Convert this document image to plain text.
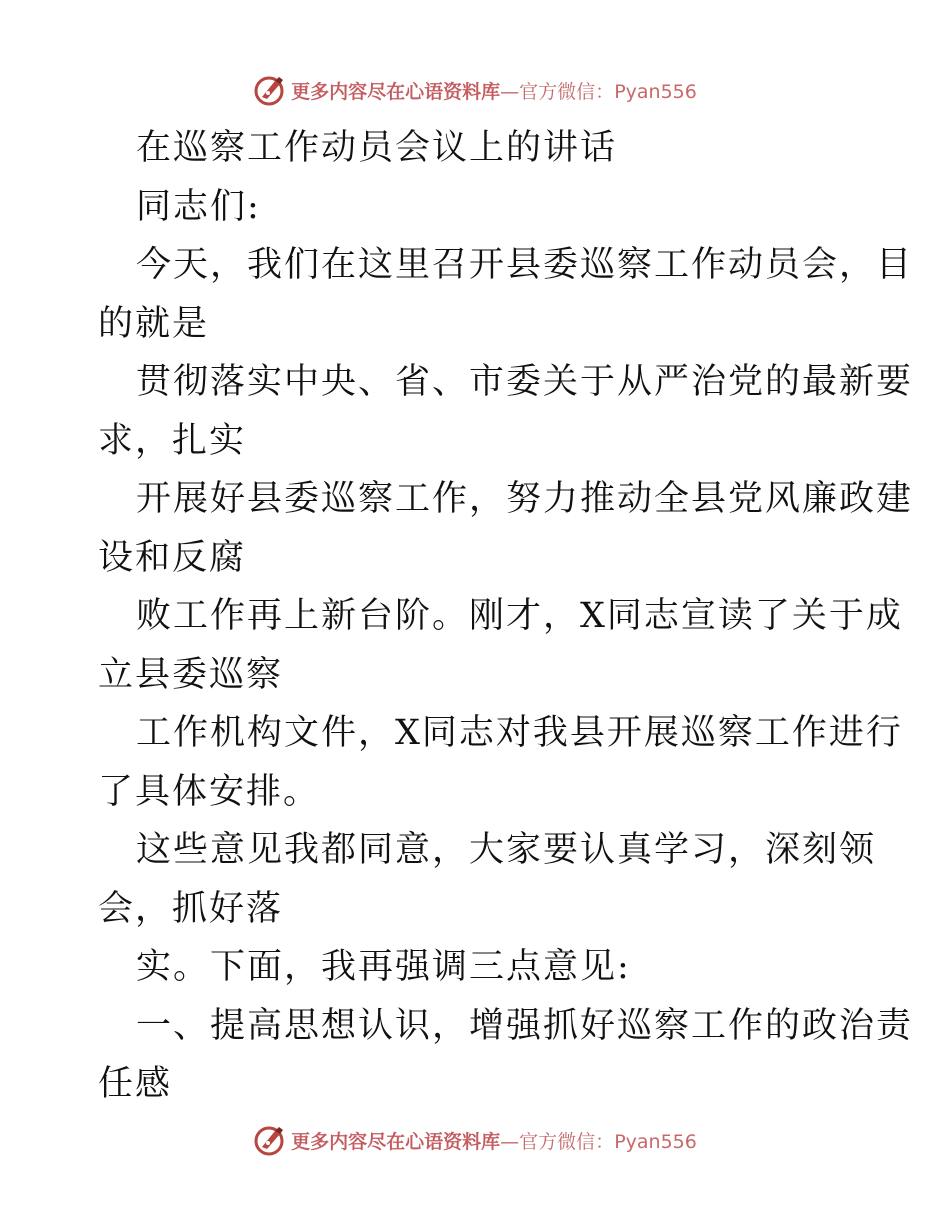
更多内容尽在心语资料库—官方微信：Pyan556
在巡察工作动员会议上的讲话
同志们:
今天，我们在这里召开县委巡察工作动员会，目
的就是
贯彻落实中央、省、市委关于从严治党的最新要
求，扎实
开展好县委巡察工作，努力推动全县党风廉政建
设和反腐
败工作再上新台阶。刚才，X同志宣读了关于成
立县委巡察
工作机构文件，X同志对我县开展巡察工作进行
了具体安排。
这些意见我都同意，大家要认真学习，深刻领
会，抓好落
实。下面，我再强调三点意见:
一、提高思想认识，增强抓好巡察工作的政治责
任感
更多内容尽在心语资料库—官方微信：Pyan556
